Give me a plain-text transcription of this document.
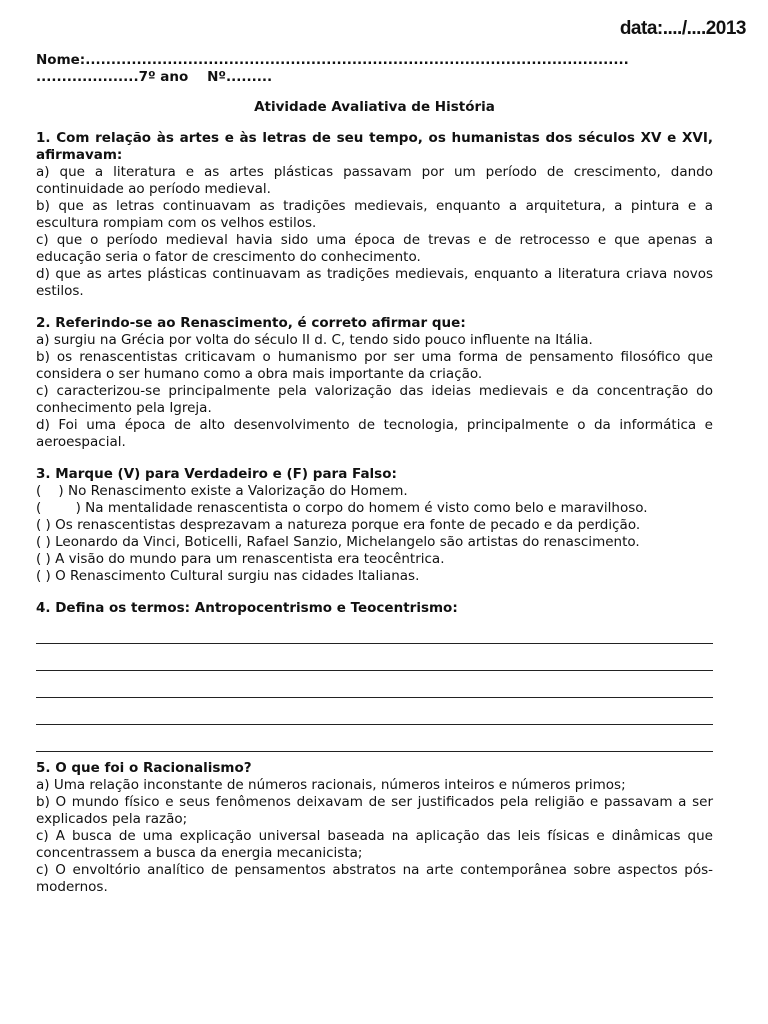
data:..../....2013
Nome:..........................................................................................................
....................7º ano    Nº.........
Atividade Avaliativa de História
1. Com relação às artes e às letras de seu tempo, os humanistas dos séculos XV e XVI, afirmavam:
a) que a literatura e as artes plásticas passavam por um período de crescimento, dando continuidade ao período medieval.
b) que as letras continuavam as tradições medievais, enquanto a arquitetura, a pintura e a escultura rompiam com os velhos estilos.
c) que o período medieval havia sido uma época de trevas e de retrocesso e que apenas a educação seria o fator de crescimento do conhecimento.
d) que as artes plásticas continuavam as tradições medievais, enquanto a literatura criava novos estilos.
2. Referindo-se ao Renascimento, é correto afirmar que:
a) surgiu na Grécia por volta do século II d. C, tendo sido pouco influente na Itália.
b) os renascentistas criticavam o humanismo por ser uma forma de pensamento filosófico que considera o ser humano como a obra mais importante da criação.
c) caracterizou-se principalmente pela valorização das ideias medievais e da concentração do conhecimento pela Igreja.
d) Foi uma época de alto desenvolvimento de tecnologia, principalmente o da informática e aeroespacial.
3. Marque (V) para Verdadeiro e (F) para Falso:
(    ) No Renascimento existe a Valorização do Homem.
(        ) Na mentalidade renascentista o corpo do homem é visto como belo e maravilhoso.
( ) Os renascentistas desprezavam a natureza porque era fonte de pecado e da perdição.
( ) Leonardo da Vinci, Boticelli, Rafael Sanzio, Michelangelo são artistas do renascimento.
( ) A visão do mundo para um renascentista era teocêntrica.
( ) O Renascimento Cultural surgiu nas cidades Italianas.
4. Defina os termos: Antropocentrismo e Teocentrismo:
5. O que foi o Racionalismo?
a) Uma relação inconstante de números racionais, números inteiros e números primos;
b) O mundo físico e seus fenômenos deixavam de ser justificados pela religião e passavam a ser explicados pela razão;
c) A busca de uma explicação universal baseada na aplicação das leis físicas e dinâmicas que concentrassem a busca da energia mecanicista;
c) O envoltório analítico de pensamentos abstratos na arte contemporânea sobre aspectos pós-modernos.
